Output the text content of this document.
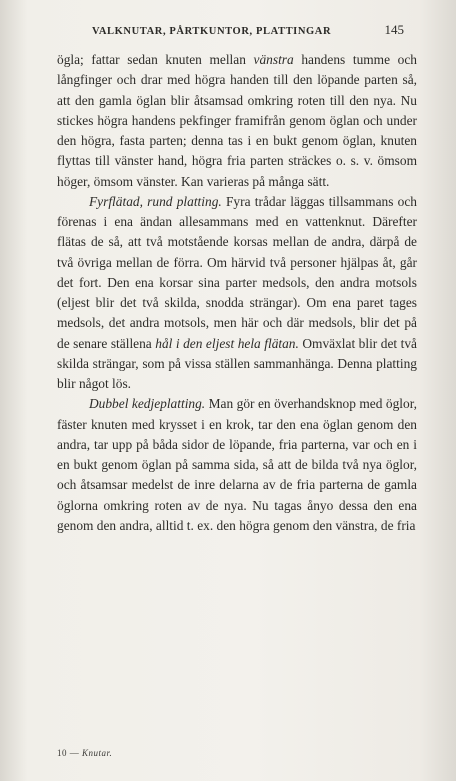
VALKNUTAR, PÅRTKUNTOR, PLATTINGAR	145

ögla; fattar sedan knuten mellan vänstra handens tumme och långfinger och drar med högra handen till den löpande parten så, att den gamla öglan blir åtsamsad omkring roten till den nya. Nu stickes högra handens pekfinger framifrån genom öglan och under den högra, fasta parten; denna tas i en bukt genom öglan, knuten flyttas till vänster hand, högra fria parten sträckes o. s. v. ömsom höger, ömsom vänster. Kan varieras på många sätt.

Fyrflätad, rund platting. Fyra trådar läggas tillsammans och förenas i ena ändan allesammans med en vattenknut. Därefter flätas de så, att två motstående korsas mellan de andra, därpå de två övriga mellan de förra. Om härvid två personer hjälpas åt, går det fort. Den ena korsar sina parter medsols, den andra motsols (eljest blir det två skilda, snodda strängar). Om ena paret tages medsols, det andra motsols, men här och där medsols, blir det på de senare ställena hål i den eljest hela flätan. Omväxlat blir det två skilda strängar, som på vissa ställen sammanhänga. Denna platting blir något lös.

Dubbel kedjeplatting. Man gör en överhandsknop med öglor, fäster knuten med krysset i en krok, tar den ena öglan genom den andra, tar upp på båda sidor de löpande, fria parterna, var och en i en bukt genom öglan på samma sida, så att de bilda två nya öglor, och åtsamsar medelst de inre delarna av de fria parterna de gamla öglorna omkring roten av de nya. Nu tagas ånyo dessa den ena genom den andra, alltid t. ex. den högra genom den vänstra, de fria

10 — Knutar.
